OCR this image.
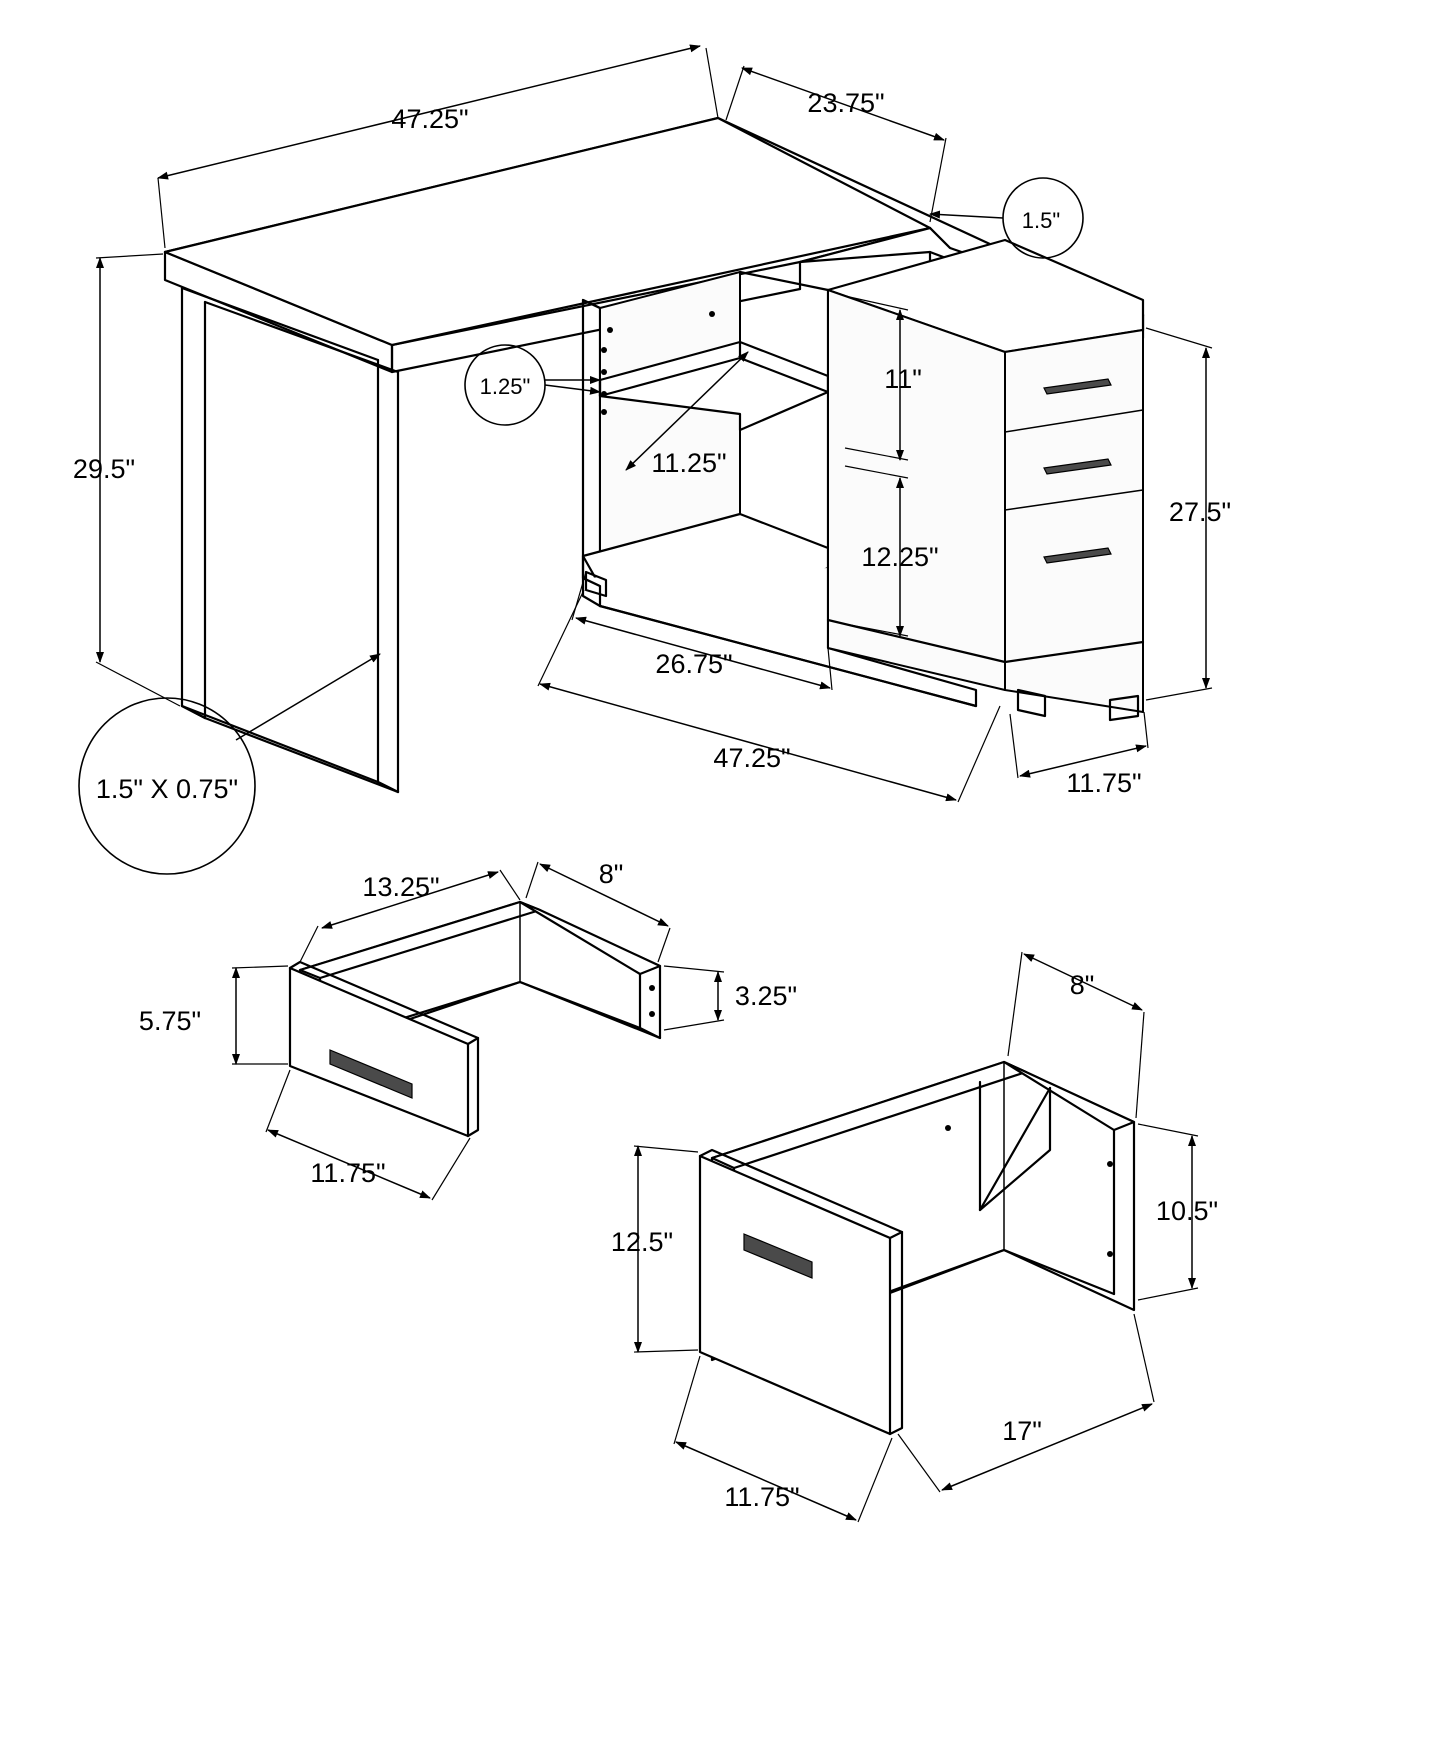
47.25"
23.75"
1.5"
29.5"
1.25"
11.25"
11"
12.25"
27.5"
26.75"
47.25"
11.75"
1.5" X 0.75"
13.25"	8"
5.75"
3.25"
11.75"
8"
12.5"
10.5"
11.75"
17"
